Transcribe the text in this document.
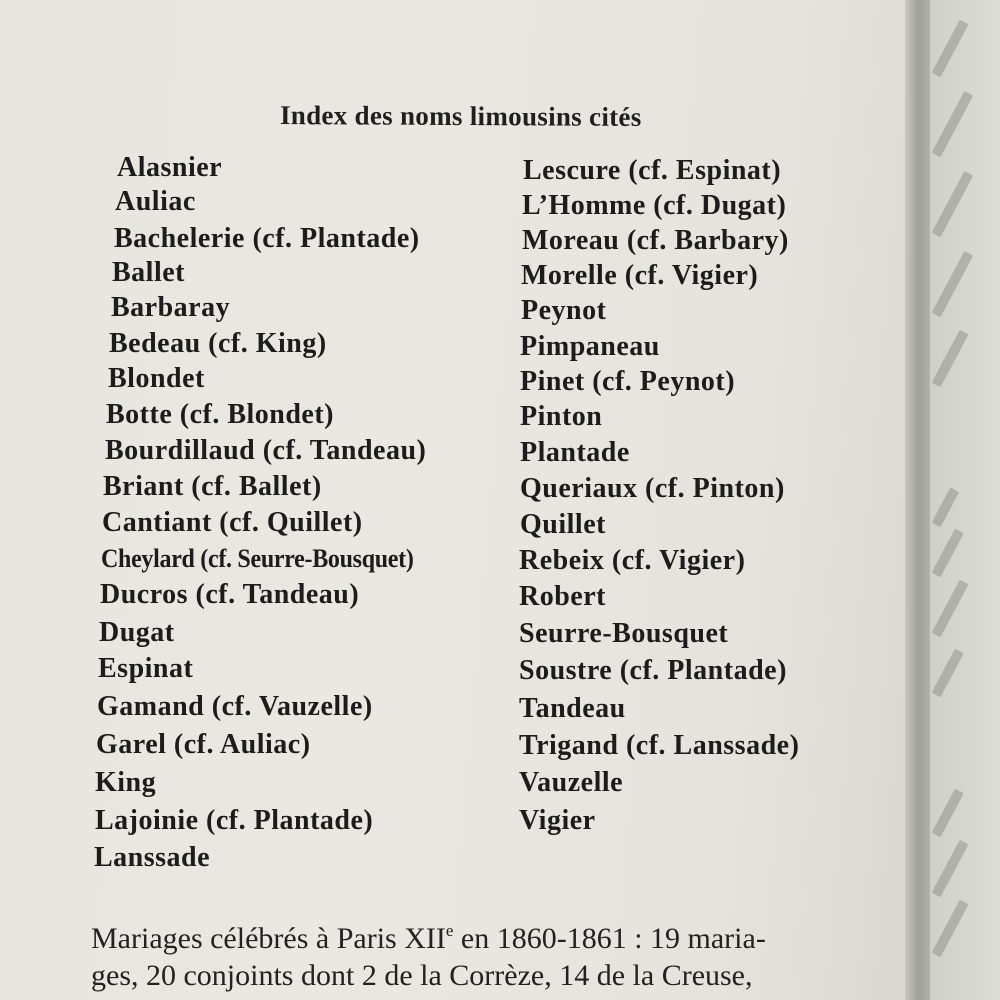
Index des noms limousins cités
Alasnier
Auliac
Bachelerie (cf. Plantade)
Ballet
Barbaray
Bedeau (cf. King)
Blondet
Botte (cf. Blondet)
Bourdillaud (cf. Tandeau)
Briant (cf. Ballet)
Cantiant (cf. Quillet)
Cheylard (cf. Seurre-Bousquet)
Ducros (cf. Tandeau)
Dugat
Espinat
Gamand (cf. Vauzelle)
Garel (cf. Auliac)
King
Lajoinie (cf. Plantade)
Lanssade
Lescure (cf. Espinat)
L’Homme (cf. Dugat)
Moreau (cf. Barbary)
Morelle (cf. Vigier)
Peynot
Pimpaneau
Pinet (cf. Peynot)
Pinton
Plantade
Queriaux (cf. Pinton)
Quillet
Rebeix (cf. Vigier)
Robert
Seurre-Bousquet
Soustre (cf. Plantade)
Tandeau
Trigand (cf. Lanssade)
Vauzelle
Vigier
Mariages célébrés à Paris XIIe en 1860-1861 : 19 maria-
ges, 20 conjoints dont 2 de la Corrèze, 14 de la Creuse,
